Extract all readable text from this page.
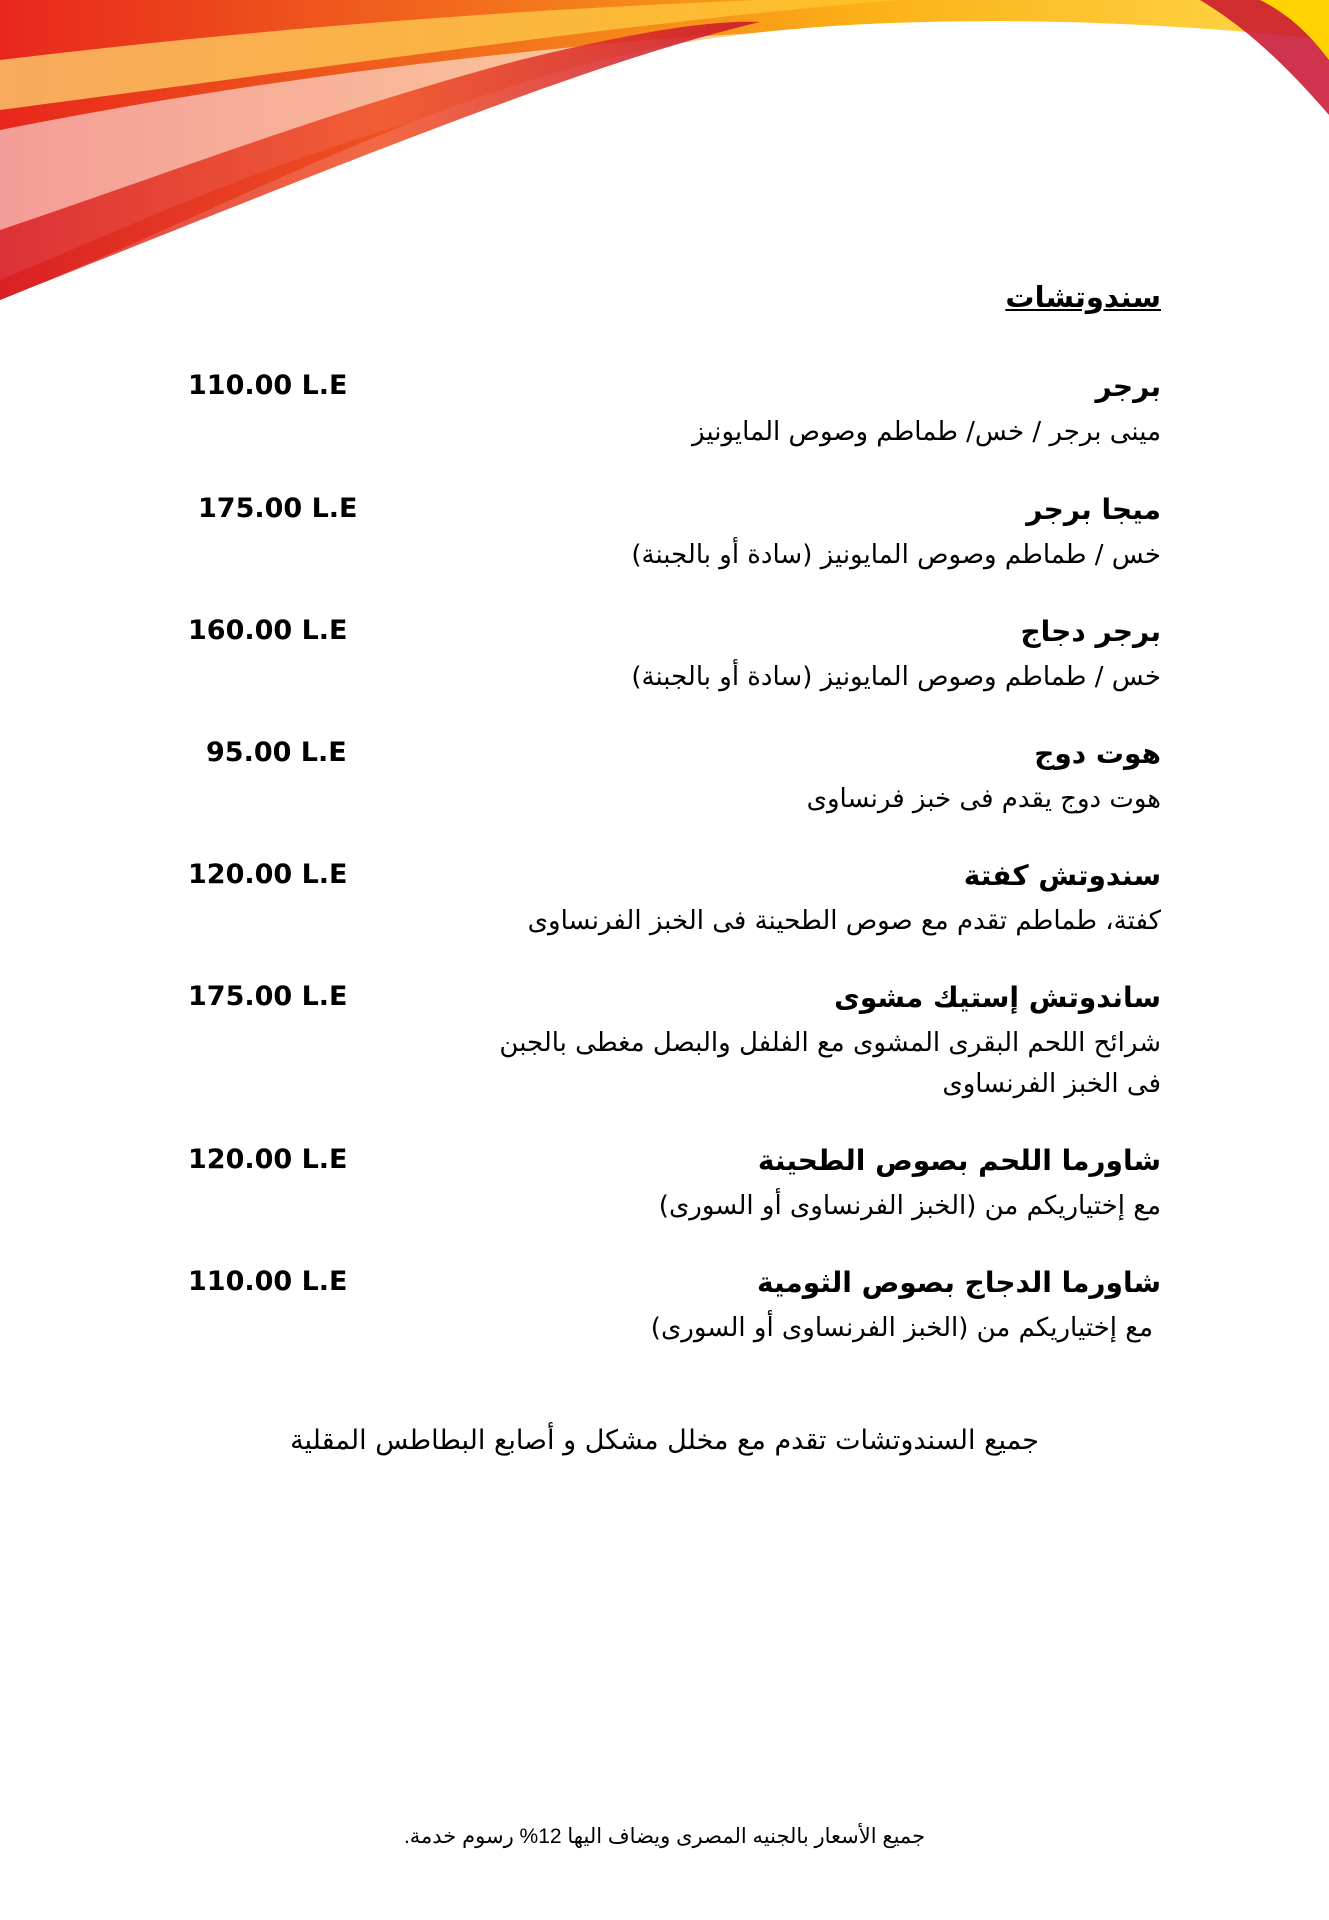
سندوتشات
برجر
110.00 L.E
مينى برجر / خس/ طماطم وصوص المايونيز
ميجا برجر
175.00 L.E
خس / طماطم وصوص المايونيز (سادة أو بالجبنة)
برجر دجاج
160.00 L.E
خس / طماطم وصوص المايونيز (سادة أو بالجبنة)
هوت دوج
95.00 L.E
هوت دوج يقدم فى خبز فرنساوى
سندوتش كفتة
120.00 L.E
كفتة، طماطم تقدم مع صوص الطحينة فى الخبز الفرنساوى
ساندوتش إستيك مشوى
175.00 L.E
شرائح اللحم البقرى المشوى مع الفلفل والبصل مغطى بالجبن
فى الخبز الفرنساوى
شاورما اللحم بصوص الطحينة
120.00 L.E
مع إختياريكم من (الخبز الفرنساوى أو السورى)
شاورما الدجاج بصوص الثومية
110.00 L.E
مع إختياريكم من (الخبز الفرنساوى أو السورى)
جميع السندوتشات تقدم مع مخلل مشكل و أصابع البطاطس المقلية
جميع الأسعار بالجنيه المصرى ويضاف اليها 12% رسوم خدمة.
